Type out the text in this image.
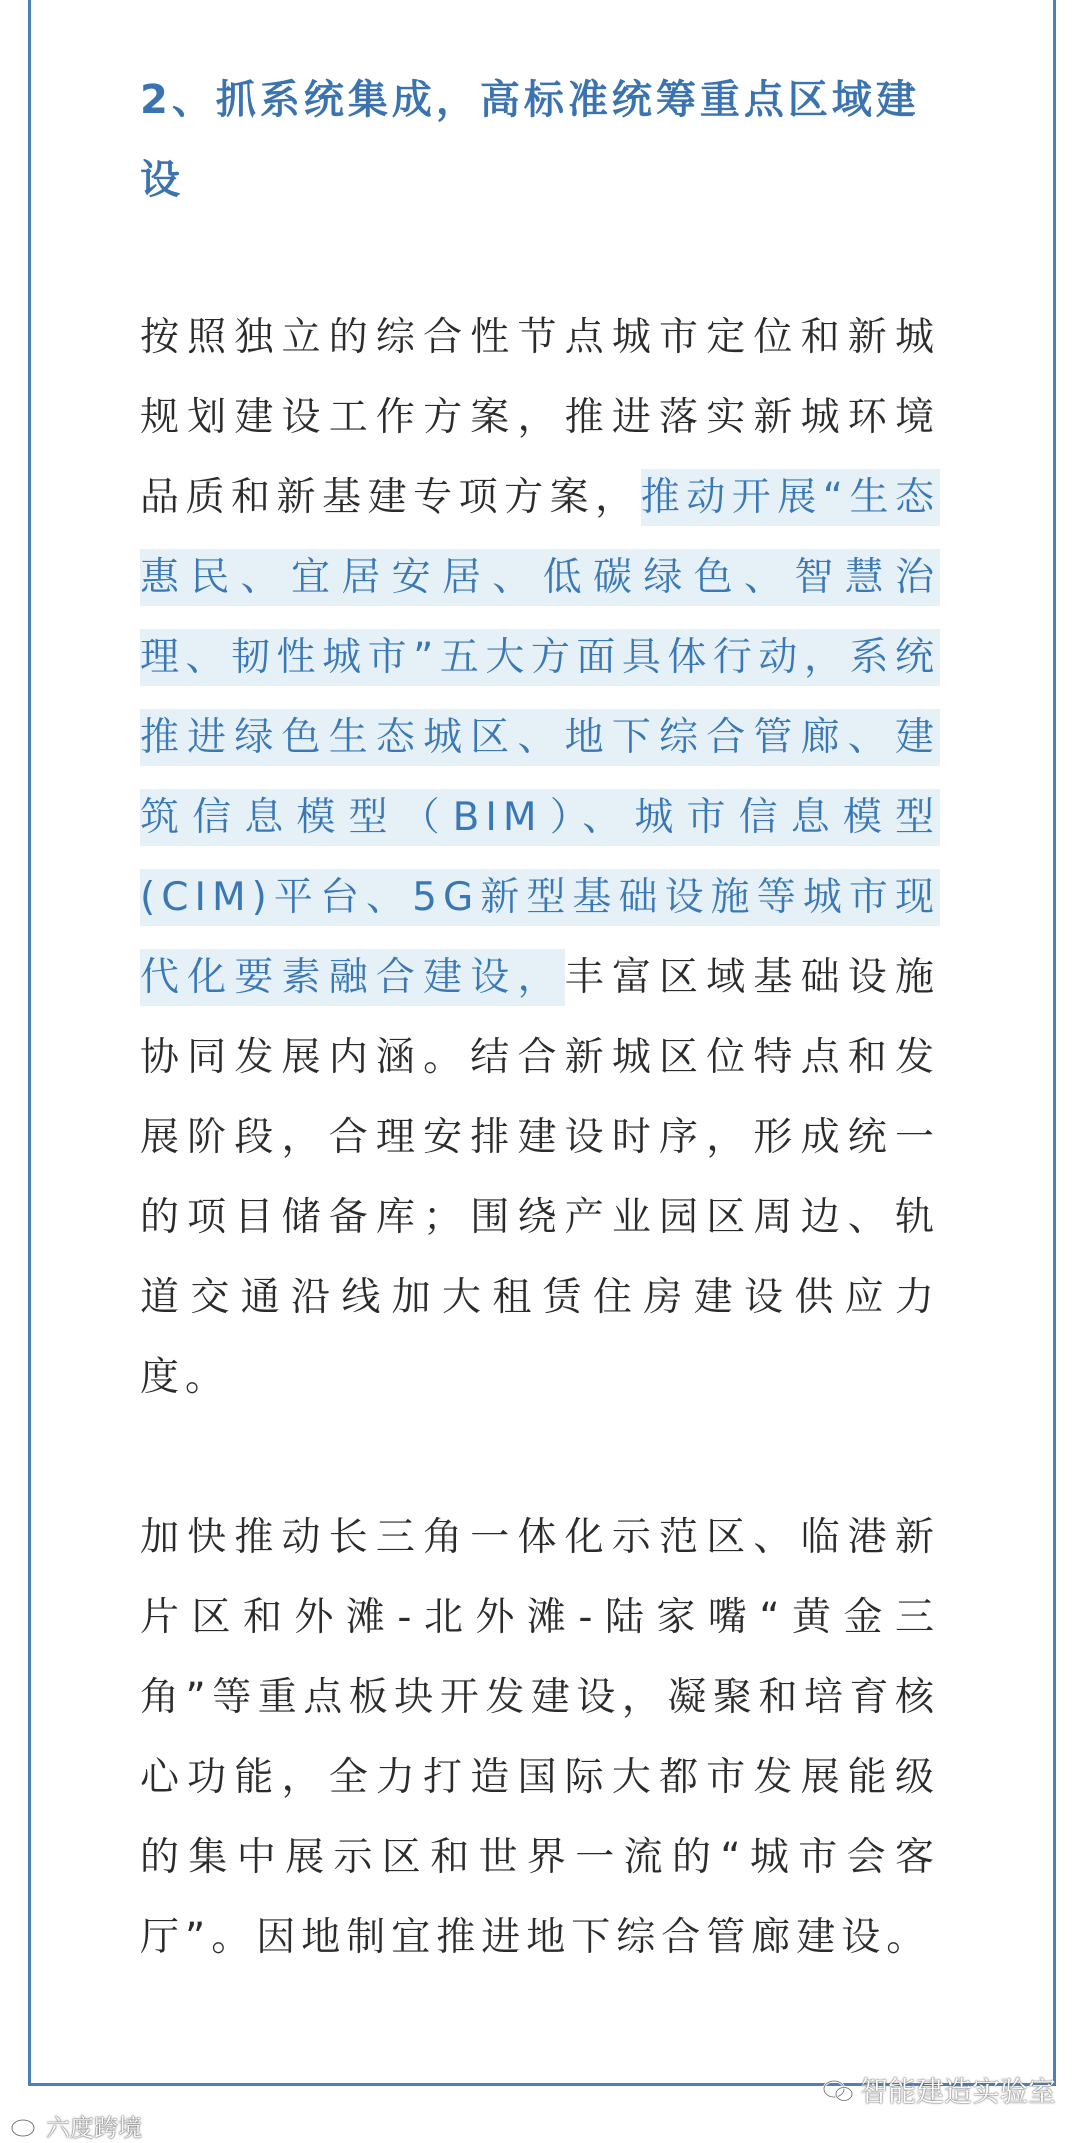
2、抓系统集成，高标准统筹重点区域建设

按照独立的综合性节点城市定位和新城规划建设工作方案，推进落实新城环境品质和新基建专项方案，推动开展“生态惠民、宜居安居、低碳绿色、智慧治理、韧性城市”五大方面具体行动，系统推进绿色生态城区、地下综合管廊、建筑信息模型（BIM）、城市信息模型(CIM)平台、5G新型基础设施等城市现代化要素融合建设，丰富区域基础设施协同发展内涵。结合新城区位特点和发展阶段，合理安排建设时序，形成统一的项目储备库；围绕产业园区周边、轨道交通沿线加大租赁住房建设供应力度。

加快推动长三角一体化示范区、临港新片区和外滩-北外滩-陆家嘴“黄金三角”等重点板块开发建设，凝聚和培育核心功能，全力打造国际大都市发展能级的集中展示区和世界一流的“城市会客厅”。因地制宜推进地下综合管廊建设。

六度跨境
智能建造实验室
